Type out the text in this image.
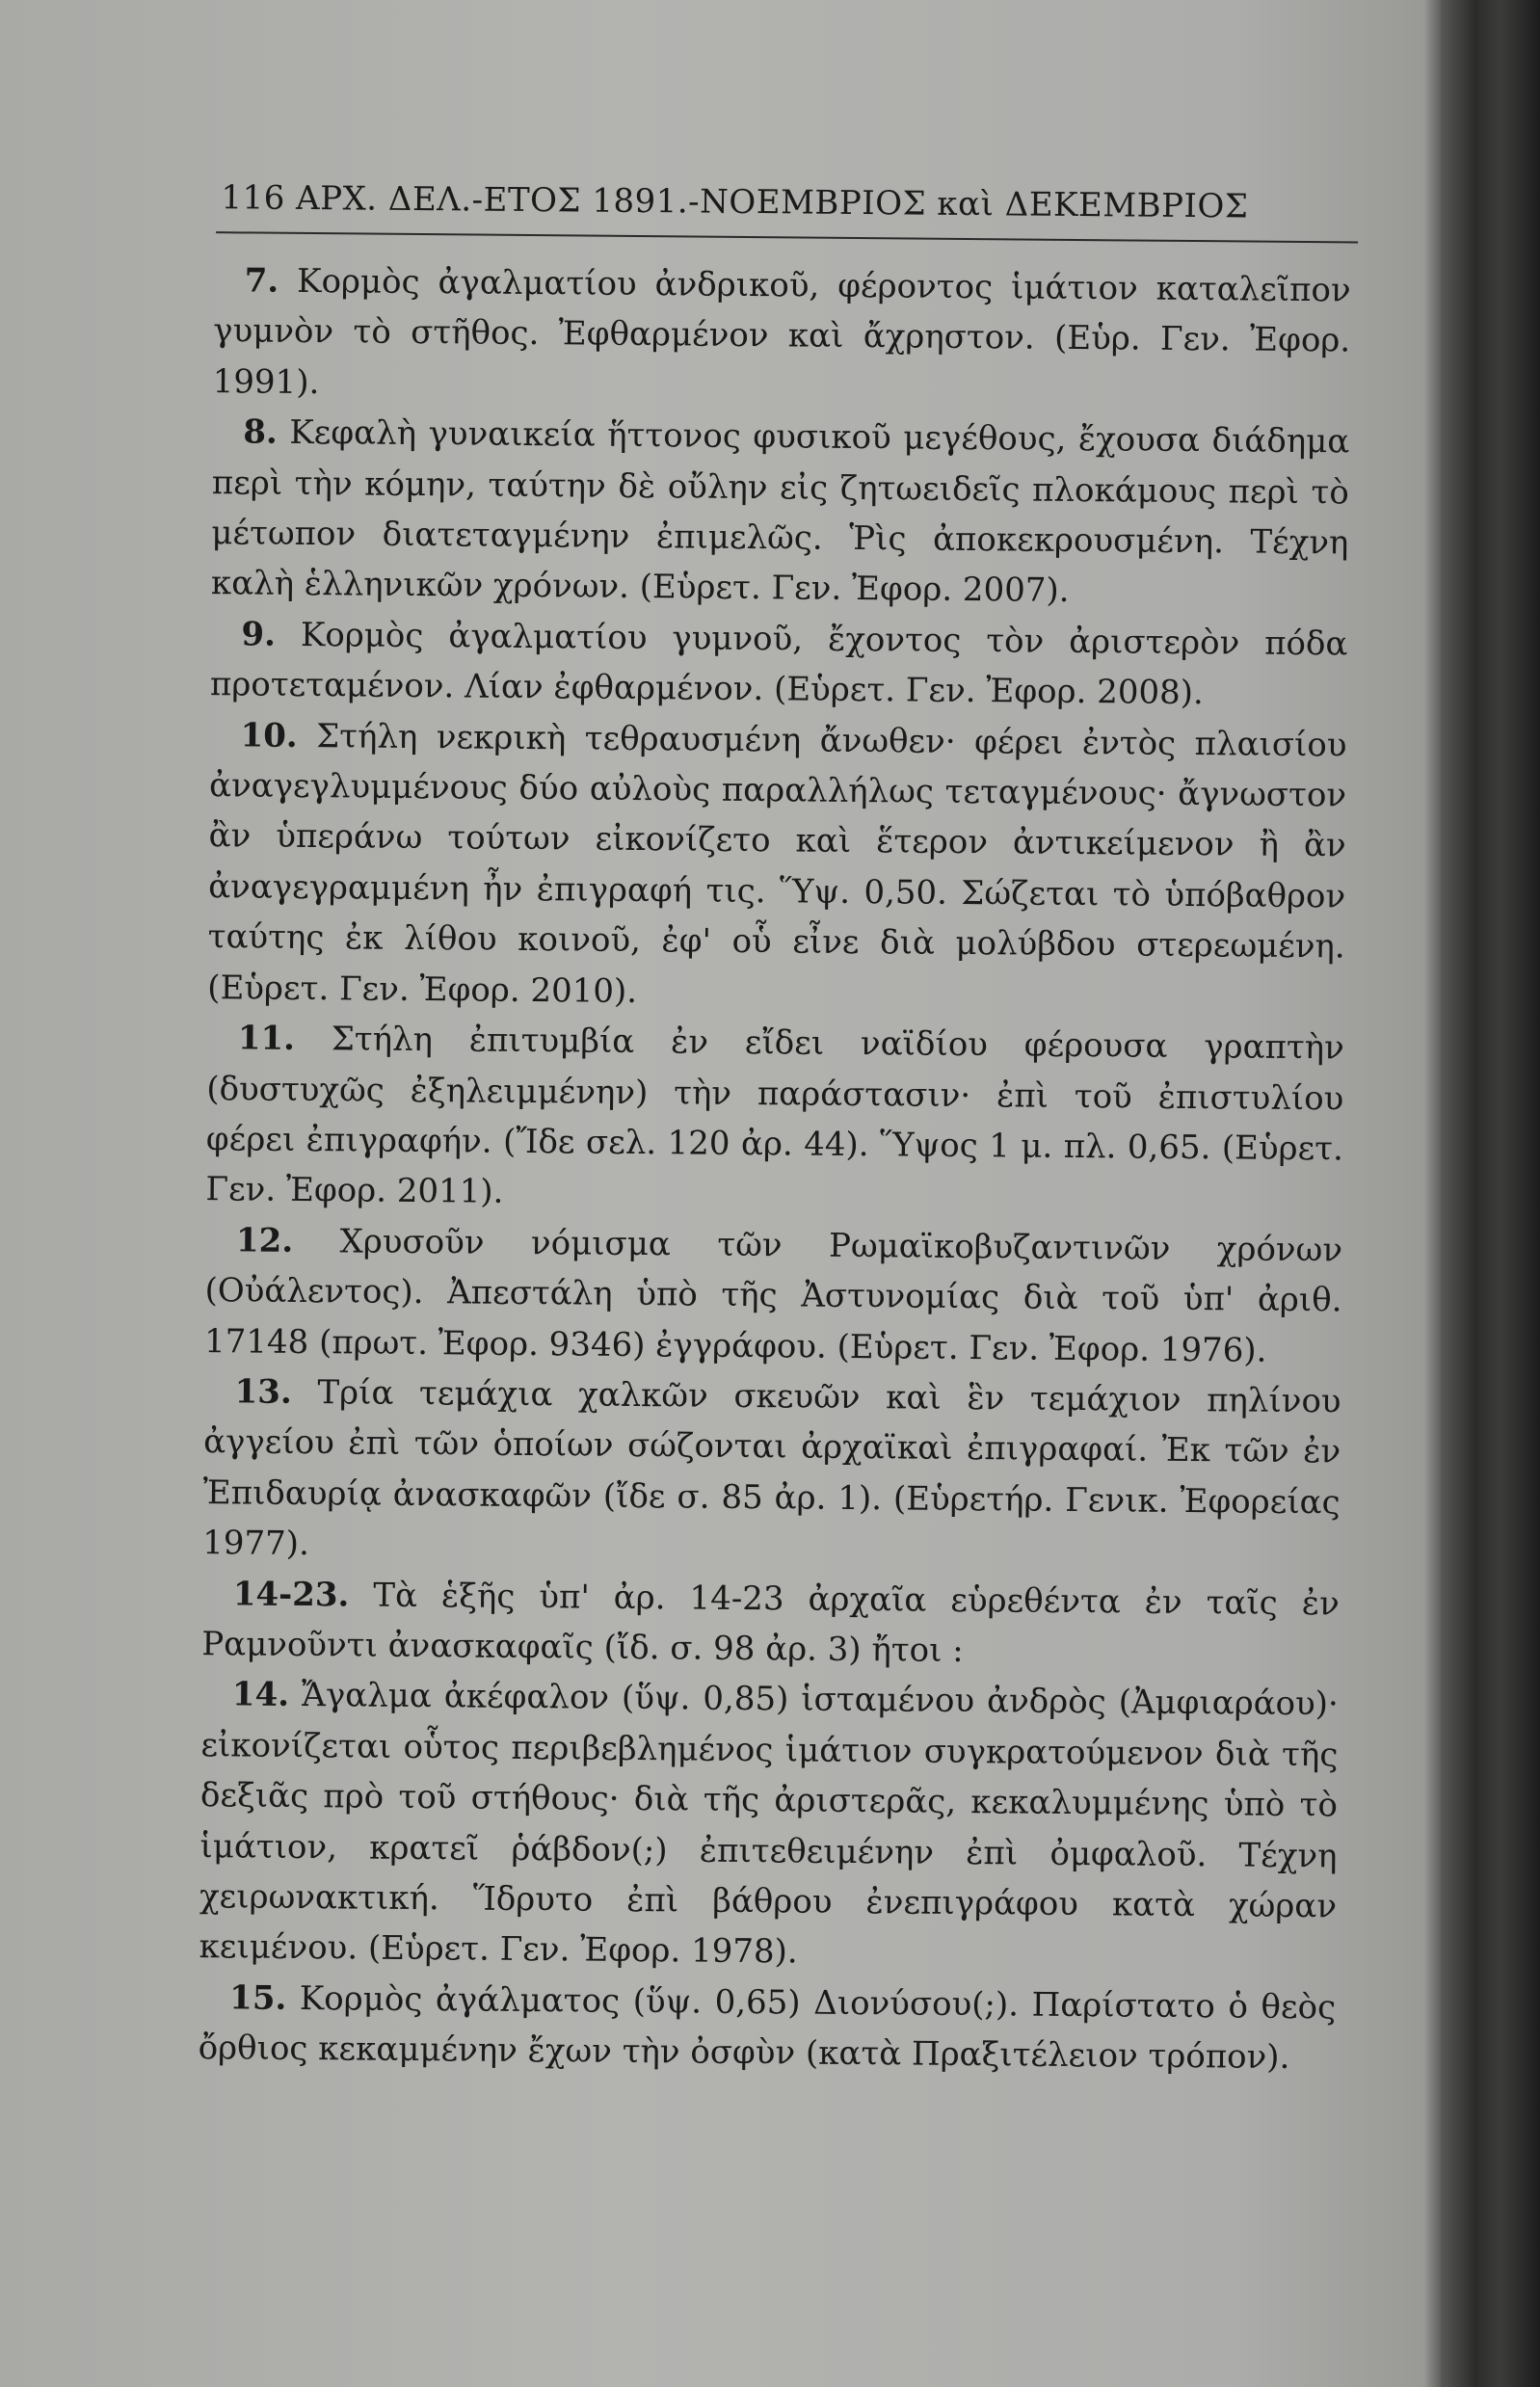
116 ΑΡΧ. ΔΕΛ.-ΕΤΟΣ 1891.-ΝΟΕΜΒΡΙΟΣ καὶ ΔΕΚΕΜΒΡΙΟΣ

7. Κορμὸς ἀγαλματίου ἀνδρικοῦ, φέροντος ἱμάτιον καταλεῖπον γυμνὸν τὸ στῆθος. Ἐφθαρμένον καὶ ἄχρηστον. (Εὑρ. Γεν. Ἐφορ. 1991).

8. Κεφαλὴ γυναικεία ἥττονος φυσικοῦ μεγέθους, ἔχουσα διάδημα περὶ τὴν κόμην, ταύτην δὲ οὔλην εἰς ζητωειδεῖς πλοκάμους περὶ τὸ μέτωπον διατεταγμένην ἐπιμελῶς. Ῥὶς ἀποκεκρουσμένη. Τέχνη καλὴ ἑλληνικῶν χρόνων. (Εὑρετ. Γεν. Ἐφορ. 2007).

9. Κορμὸς ἀγαλματίου γυμνοῦ, ἔχοντος τὸν ἀριστερὸν πόδα προτεταμένον. Λίαν ἐφθαρμένον. (Εὑρετ. Γεν. Ἐφορ. 2008).

10. Στήλη νεκρικὴ τεθραυσμένη ἄνωθεν· φέρει ἐντὸς πλαισίου ἀναγεγλυμμένους δύο αὐλοὺς παραλλήλως τεταγμένους· ἄγνωστον ἂν ὑπεράνω τούτων εἰκονίζετο καὶ ἕτερον ἀντικείμενον ἢ ἂν ἀναγεγραμμένη ἦν ἐπιγραφή τις. Ὕψ. 0,50. Σώζεται τὸ ὑπόβαθρον ταύτης ἐκ λίθου κοινοῦ, ἐφ' οὗ εἶνε διὰ μολύβδου στερεωμένη. (Εὑρετ. Γεν. Ἐφορ. 2010).

11. Στήλη ἐπιτυμβία ἐν εἴδει ναϊδίου φέρουσα γραπτὴν (δυστυχῶς ἐξηλειμμένην) τὴν παράστασιν· ἐπὶ τοῦ ἐπιστυλίου φέρει ἐπιγραφήν. (Ἴδε σελ. 120 ἀρ. 44). Ὕψος 1 μ. πλ. 0,65. (Εὑρετ. Γεν. Ἐφορ. 2011).

12. Χρυσοῦν νόμισμα τῶν Ρωμαϊκοβυζαντινῶν χρόνων (Οὐάλεντος). Ἀπεστάλη ὑπὸ τῆς Ἀστυνομίας διὰ τοῦ ὑπ' ἀριθ. 17148 (πρωτ. Ἐφορ. 9346) ἐγγράφου. (Εὑρετ. Γεν. Ἐφορ. 1976).

13. Τρία τεμάχια χαλκῶν σκευῶν καὶ ἓν τεμάχιον πηλίνου ἀγγείου ἐπὶ τῶν ὁποίων σώζονται ἀρχαϊκαὶ ἐπιγραφαί. Ἐκ τῶν ἐν Ἐπιδαυρίᾳ ἀνασκαφῶν (ἴδε σ. 85 ἀρ. 1). (Εὑρετήρ. Γενικ. Ἐφορείας 1977).

14-23. Τὰ ἑξῆς ὑπ' ἀρ. 14-23 ἀρχαῖα εὑρεθέντα ἐν ταῖς ἐν Ραμνοῦντι ἀνασκαφαῖς (ἴδ. σ. 98 ἀρ. 3) ἤτοι :

14. Ἄγαλμα ἀκέφαλον (ὕψ. 0,85) ἱσταμένου ἀνδρὸς (Ἀμφιαράου)· εἰκονίζεται οὗτος περιβεβλημένος ἱμάτιον συγκρατούμενον διὰ τῆς δεξιᾶς πρὸ τοῦ στήθους· διὰ τῆς ἀριστερᾶς, κεκαλυμμένης ὑπὸ τὸ ἱμάτιον, κρατεῖ ῥάβδον(;) ἐπιτεθειμένην ἐπὶ ὀμφαλοῦ. Τέχνη χειρωνακτική. Ἵδρυτο ἐπὶ βάθρου ἐνεπιγράφου κατὰ χώραν κειμένου. (Εὑρετ. Γεν. Ἐφορ. 1978).

15. Κορμὸς ἀγάλματος (ὕψ. 0,65) Διονύσου(;). Παρίστατο ὁ θεὸς ὄρθιος κεκαμμένην ἔχων τὴν ὀσφὺν (κατὰ Πραξιτέλειον τρόπον).
